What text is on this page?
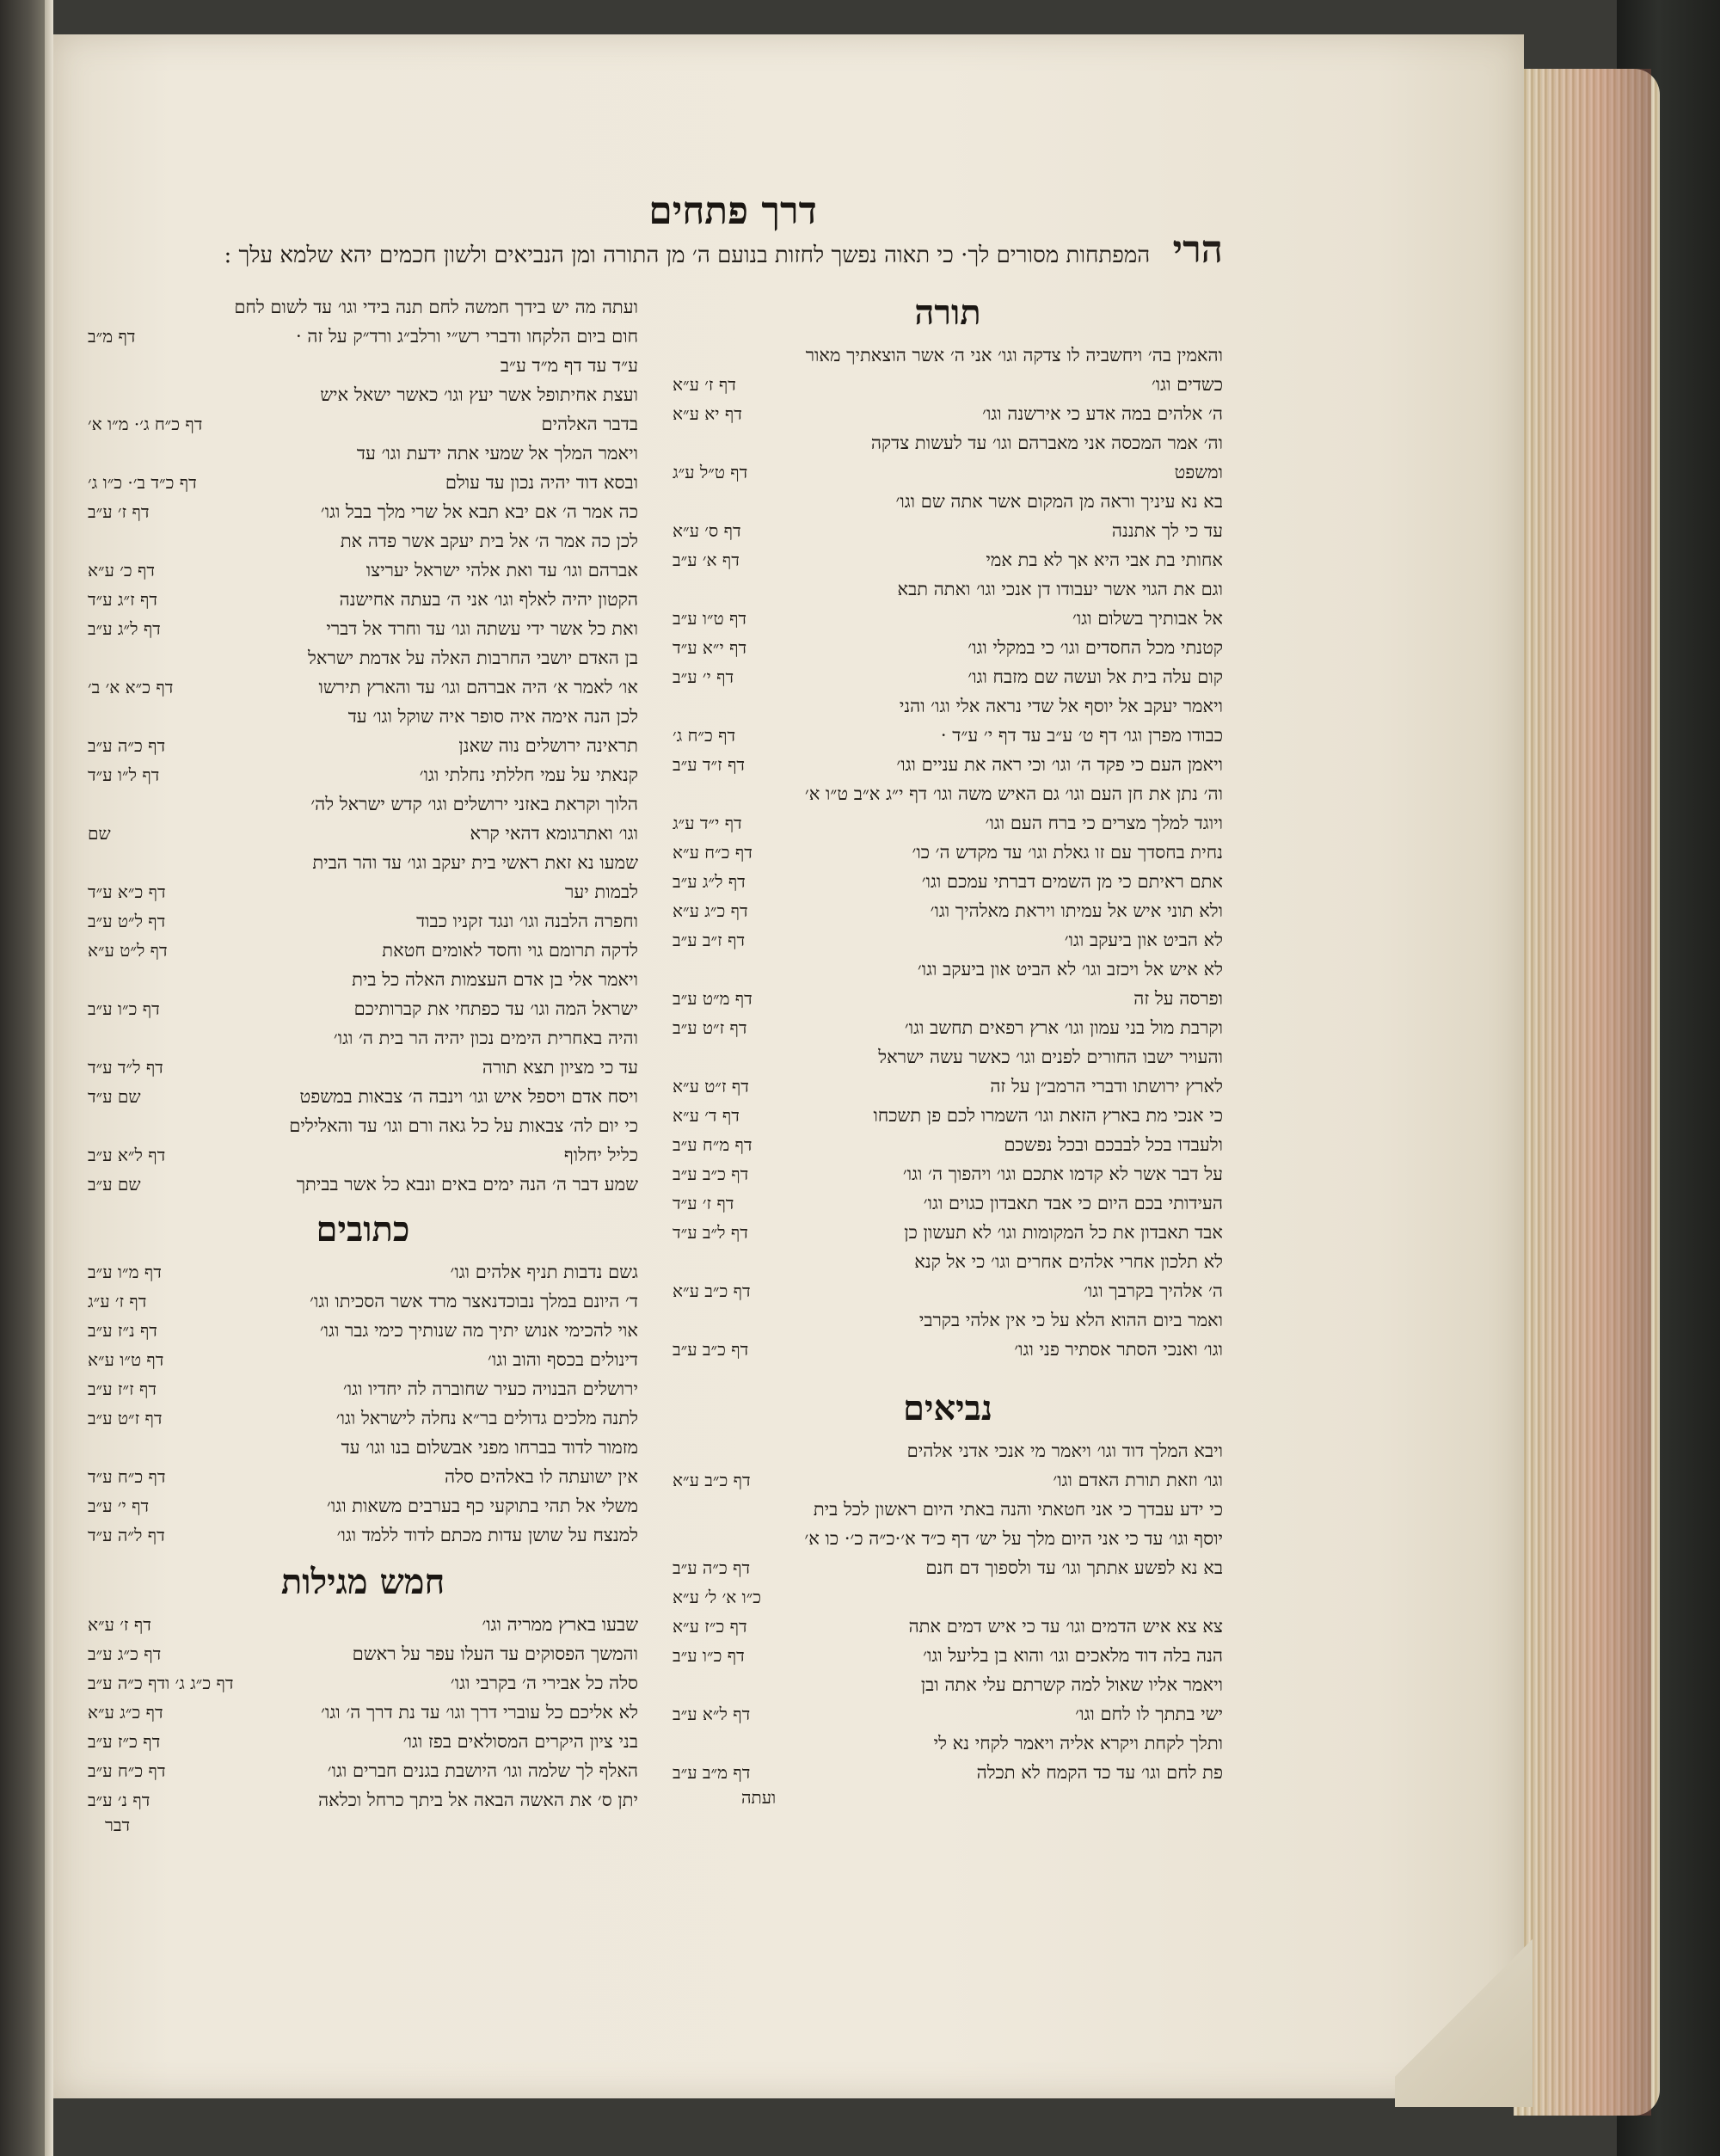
דרך פתחים
הרי המפתחות מסורים לך· כי תאוה נפשך לחזות בנועם ה׳ מן התורה ומן הנביאים ולשון חכמים יהא שלמא עלך :
תורה
והאמין בה׳ ויחשביה לו צדקה וגו׳ אני ה׳ אשר הוצאתיך מאור
כשדים וגו׳
דף ז׳ ע״א
ה׳ אלהים במה אדע כי אירשנה וגו׳
דף יא ע״א
וה׳ אמר המכסה אני מאברהם וגו׳ עד לעשות צדקה
ומשפט
דף ט״ל ע״ג
בא נא עיניך וראה מן המקום אשר אתה שם וגו׳
עד כי לך אתננה
דף ס׳ ע״א
אחותי בת אבי היא אך לא בת אמי
דף א׳ ע״ב
וגם את הגוי אשר יעבודו דן אנכי וגו׳ ואתה תבא
אל אבותיך בשלום וגו׳
דף ט״ו ע״ב
קטנתי מכל החסדים וגו׳ כי במקלי וגו׳
דף י״א ע״ד
קום עלה בית אל ועשה שם מזבח וגו׳
דף י׳ ע״ב
ויאמר יעקב אל יוסף אל שדי נראה אלי וגו׳ והני
כבודו מפרן וגו׳ דף ט׳ ע״ב עד דף י׳ ע״ד ·
דף כ״ח ג׳
ויאמן העם כי פקד ה׳ וגו׳ וכי ראה את עניים וגו׳
דף ז״ד ע״ב
וה׳ נתן את חן העם וגו׳ גם האיש משה וגו׳ דף י״ג א״ב ט״ו א׳
ויוגד למלך מצרים כי ברח העם וגו׳
דף י״ד ע״ג
נחית בחסדך עם זו גאלת וגו׳ עד מקדש ה׳ כו׳
דף כ״ח ע״א
אתם ראיתם כי מן השמים דברתי עמכם וגו׳
דף ל״ג ע״ב
ולא תוני איש אל עמיתו ויראת מאלהיך וגו׳
דף כ״ג ע״א
לא הביט און ביעקב וגו׳
דף ז״ב ע״ב
לא איש אל ויכזב וגו׳ לא הביט און ביעקב וגו׳
ופרסה על זה
דף מ״ט ע״ב
וקרבת מול בני עמון וגו׳ ארץ רפאים תחשב וגו׳
דף ז״ט ע״ב
והעויר ישבו החורים לפנים וגו׳ כאשר עשה ישראל
לארץ ירושתו ודברי הרמב״ן על זה
דף ז״ט ע״א
כי אנכי מת בארץ הזאת וגו׳ השמרו לכם פן תשכחו
דף ד׳ ע״א
ולעבדו בכל לבבכם ובכל נפשכם
דף מ״ח ע״ב
על דבר אשר לא קדמו אתכם וגו׳ ויהפוך ה׳ וגו׳
דף כ״ב ע״ב
העידותי בכם היום כי אבד תאבדון כגוים וגו׳
דף ז׳ ע״ד
אבד תאבדון את כל המקומות וגו׳ לא תעשון כן
דף ל״ב ע״ד
לא תלכון אחרי אלהים אחרים וגו׳ כי אל קנא
ה׳ אלהיך בקרבך וגו׳
דף כ״ב ע״א
ואמר ביום ההוא הלא על כי אין אלהי בקרבי
וגו׳ ואנכי הסתר אסתיר פני וגו׳
דף כ״ב ע״ב
נביאים
ויבא המלך דוד וגו׳ ויאמר מי אנכי אדני אלהים
וגו׳ וזאת תורת האדם וגו׳
דף כ״ב ע״א
כי ידע עבדך כי אני חטאתי והנה באתי היום ראשון לכל בית
יוסף וגו׳ עד כי אני היום מלך על יש׳ דף כ״ד א׳·כ״ה כ׳· כו א׳
בא נא לפשע אתתך וגו׳ עד ולספוך דם חנם
דף כ״ה ע״ב
כ״ו א׳ ל׳ ע״א
צא צא איש הדמים וגו׳ עד כי איש דמים אתה
דף כ״ז ע״א
הנה בלה דוד מלאכים וגו׳ והוא בן בליעל וגו׳
דף כ״ו ע״ב
ויאמר אליו שאול למה קשרתם עלי אתה ובן
ישי בתתך לו לחם וגו׳
דף ל״א ע״ב
ותלך לקחת ויקרא אליה ויאמר לקחי נא לי
פת לחם וגו׳ עד כד הקמח לא תכלה
דף מ״ב ע״ב
ועתה
ועתה מה יש בידך חמשה לחם תנה בידי וגו׳ עד לשום לחם
חום ביום הלקחו ודברי רש״י ורלב״ג ורד״ק על זה ·
דף מ״ב
ע״ד עד דף מ״ד ע״ב
ועצת אחיתופל אשר יעץ וגו׳ כאשר ישאל איש
בדבר האלהים
דף כ״ח ג׳· מ״ו א׳
ויאמר המלך אל שמעי אתה ידעת וגו׳ עד
ובסא דוד יהיה נכון עד עולם
דף כ״ד ב׳· כ״ו ג׳
כה אמר ה׳ אם יבא תבא אל שרי מלך בבל וגו׳
דף ז׳ ע״ב
לכן כה אמר ה׳ אל בית יעקב אשר פדה את
אברהם וגו׳ עד ואת אלהי ישראל יעריצו
דף כ׳ ע״א
הקטון יהיה לאלף וגו׳ אני ה׳ בעתה אחישנה
דף ז״ג ע״ד
ואת כל אשר ידי עשתה וגו׳ עד וחרד אל דברי
דף ל״ג ע״ב
בן האדם יושבי החרבות האלה על אדמת ישראל
או׳ לאמר א׳ היה אברהם וגו׳ עד והארץ תירשו
דף כ״א א׳ ב׳
לכן הנה אימה איה סופר איה שוקל וגו׳ עד
תראינה ירושלים נוה שאנן
דף כ״ה ע״ב
קנאתי על עמי חללתי נחלתי וגו׳
דף ל״ו ע״ד
הלוך וקראת באזני ירושלים וגו׳ קדש ישראל לה׳
וגו׳ ואתרגומא דהאי קרא
שם
שמעו נא זאת ראשי בית יעקב וגו׳ עד והר הבית
לבמות יער
דף כ״א ע״ד
וחפרה הלבנה וגו׳ ונגד זקניו כבוד
דף ל״ט ע״ב
לדקה תרומם גוי וחסד לאומים חטאת
דף ל״ט ע״א
ויאמר אלי בן אדם העצמות האלה כל בית
ישראל המה וגו׳ עד כפתחי את קברותיכם
דף כ״ו ע״ב
והיה באחרית הימים נכון יהיה הר בית ה׳ וגו׳
עד כי מציון תצא תורה
דף ל״ד ע״ד
ויסח אדם ויספל איש וגו׳ וינבה ה׳ צבאות במשפט
שם ע״ד
כי יום לה׳ צבאות על כל גאה ורם וגו׳ עד והאלילים
כליל יחלוף
דף ל״א ע״ב
שמע דבר ה׳ הנה ימים באים ונבא כל אשר בביתך
שם ע״ב
כתובים
גשם נדבות תניף אלהים וגו׳
דף מ״ו ע״ב
ד׳ היונם במלך נבוכדנאצר מרד אשר הסכיתו וגו׳
דף ז׳ ע״ג
אוי להכימי אנוש יתיך מה שנותיך כימי גבר וגו׳
דף נ״ז ע״ב
דינולים בכסף והוב וגו׳
דף ט״ו ע״א
ירושלים הבנויה כעיר שחוברה לה יחדיו וגו׳
דף ז״ז ע״ב
לתנה מלכים גדולים בר״א נחלה לישראל וגו׳
דף ז״ט ע״ב
מזמור לדוד בברחו מפני אבשלום בנו וגו׳ עד
אין ישועתה לו באלהים סלה
דף כ״ח ע״ד
משלי אל תהי בתוקעי כף בערבים משאות וגו׳
דף י׳ ע״ב
למנצח על שושן עדות מכתם לדוד ללמד וגו׳
דף ל״ה ע״ד
חמש מגילות
שבעו בארץ ממריה וגו׳
דף ז׳ ע״א
והמשך הפסוקים עד העלו עפר על ראשם
דף כ״ג ע״ב
סלה כל אבירי ה׳ בקרבי וגו׳
דף כ״ג ג׳ ודף כ״ה ע״ב
לא אליכם כל עוברי דרך וגו׳ עד נת דרך ה׳ וגו׳
דף כ״ג ע״א
בני ציון היקרים המסולאים בפז וגו׳
דף כ״ז ע״ב
האלף לך שלמה וגו׳ היושבת בגנים חברים וגו׳
דף כ״ח ע״ב
יתן ס׳ את האשה הבאה אל ביתך כרחל וכלאה
דף נ׳ ע״ב
דבר
